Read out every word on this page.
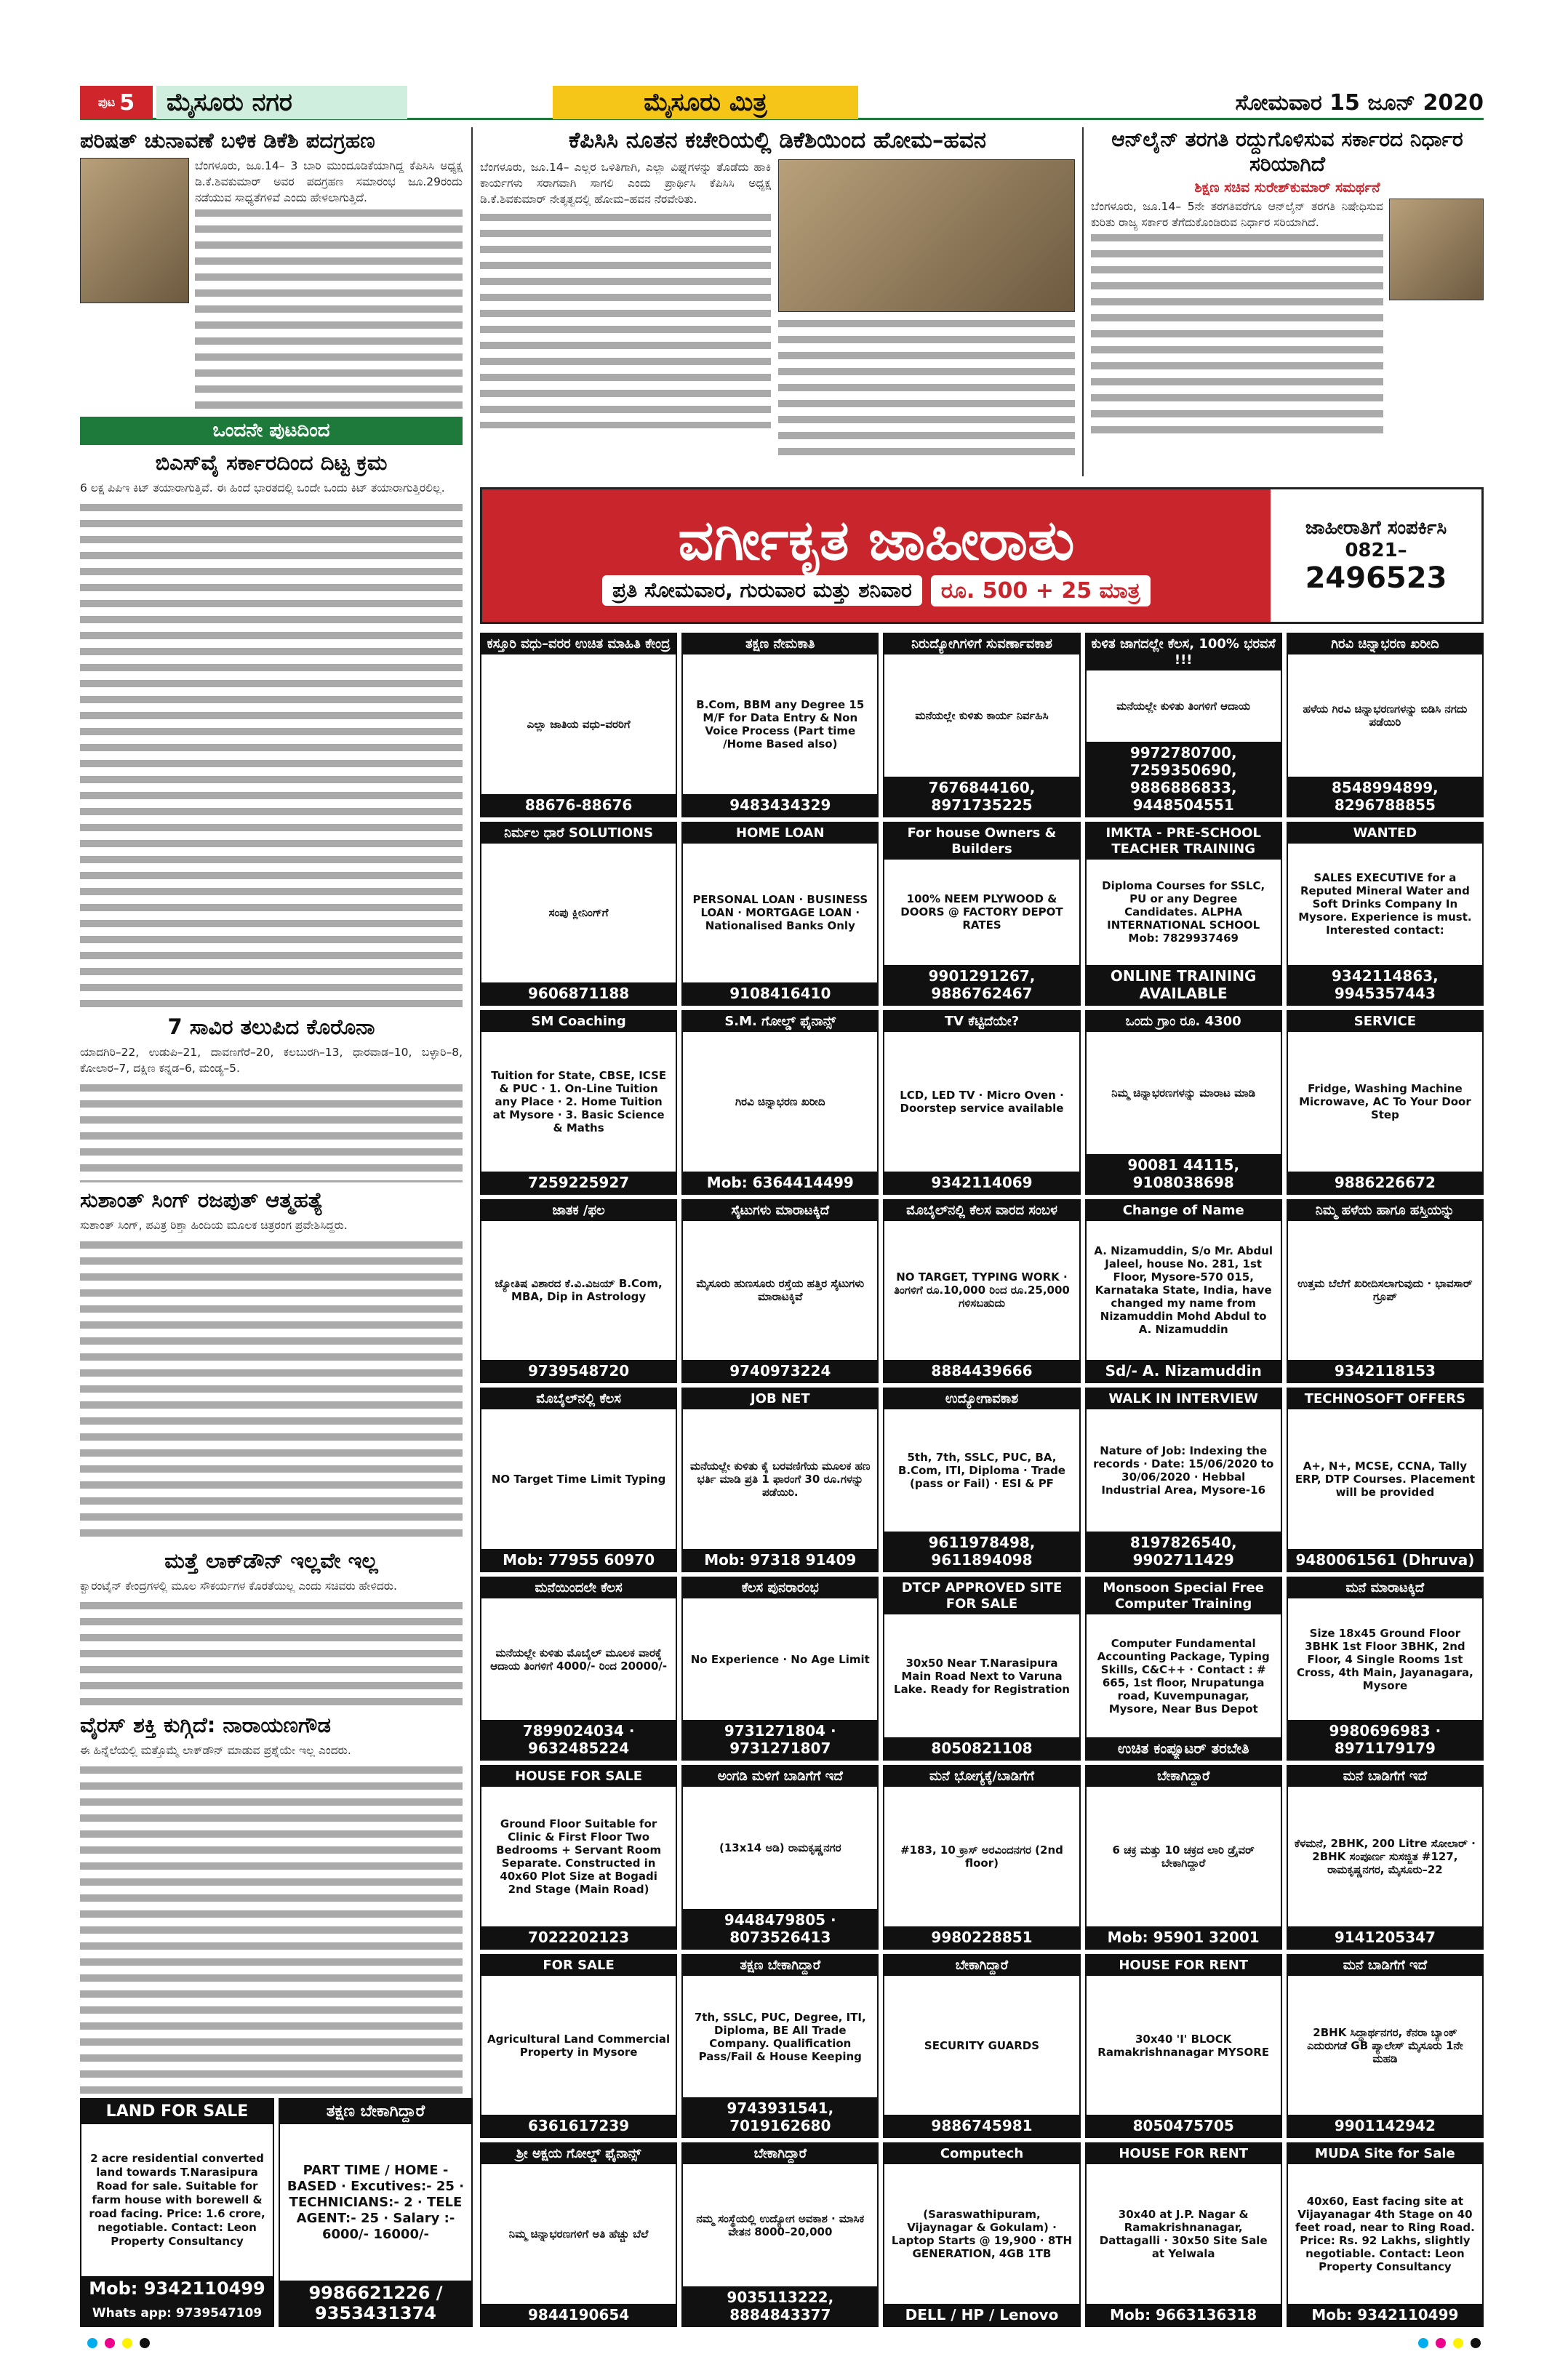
ಪುಟ 5	ಮೈಸೂರು ನಗರ	ಮೈಸೂರು ಮಿತ್ರ	ಸೋಮವಾರ 15 ಜೂನ್ 2020
ಪರಿಷತ್ ಚುನಾವಣೆ ಬಳಿಕ ಡಿಕೆಶಿ ಪದಗ್ರಹಣ
ಬೆಂಗಳೂರು, ಜೂ.14– 3 ಬಾರಿ ಮುಂದೂಡಿಕೆಯಾಗಿದ್ದ ಕೆಪಿಸಿಸಿ ಅಧ್ಯಕ್ಷ ಡಿ.ಕೆ.ಶಿವಕುಮಾರ್ ಅವರ ಪದಗ್ರಹಣ ಸಮಾರಂಭ ಜೂ.29ರಂದು ನಡೆಯುವ ಸಾಧ್ಯತೆಗಳಿವೆ ಎಂದು ಹೇಳಲಾಗುತ್ತಿದೆ.
ಒಂದನೇ ಪುಟದಿಂದ
ಬಿಎಸ್‌ವೈ ಸರ್ಕಾರದಿಂದ ದಿಟ್ಟ ಕ್ರಮ
6 ಲಕ್ಷ ಪಿಪಿಇ ಕಿಟ್ ತಯಾರಾಗುತ್ತಿವೆ. ಈ ಹಿಂದೆ ಭಾರತದಲ್ಲಿ ಒಂದೇ ಒಂದು ಕಿಟ್ ತಯಾರಾಗುತ್ತಿರಲಿಲ್ಲ.
7 ಸಾವಿರ ತಲುಪಿದ ಕೊರೊನಾ
ಯಾದಗಿರಿ–22, ಉಡುಪಿ–21, ದಾವಣಗೆರೆ–20, ಕಲಬುರಗಿ–13, ಧಾರವಾಡ–10, ಬಳ್ಳಾರಿ–8, ಕೋಲಾರ–7, ದಕ್ಷಿಣ ಕನ್ನಡ–6, ಮಂಡ್ಯ–5.
ಸುಶಾಂತ್ ಸಿಂಗ್ ರಜಪುತ್ ಆತ್ಮಹತ್ಯೆ
ಸುಶಾಂತ್ ಸಿಂಗ್, ಪವಿತ್ರ ರಿಶ್ತಾ ಹಿಂದಿಯ ಮೂಲಕ ಚಿತ್ರರಂಗ ಪ್ರವೇಶಿಸಿದ್ದರು.
ಮತ್ತೆ ಲಾಕ್‌ಡೌನ್ ಇಲ್ಲವೇ ಇಲ್ಲ
ಕ್ವಾರಂಟೈನ್ ಕೇಂದ್ರಗಳಲ್ಲಿ ಮೂಲ ಸೌಕರ್ಯಗಳ ಕೊರತೆಯಿಲ್ಲ ಎಂದು ಸಚಿವರು ಹೇಳಿದರು.
ವೈರಸ್ ಶಕ್ತಿ ಕುಗ್ಗಿದೆ: ನಾರಾಯಣಗೌಡ
ಈ ಹಿನ್ನೆಲೆಯಲ್ಲಿ ಮತ್ತೊಮ್ಮೆ ಲಾಕ್‌ಡೌನ್ ಮಾಡುವ ಪ್ರಶ್ನೆಯೇ ಇಲ್ಲ ಎಂದರು.
ಕೆಪಿಸಿಸಿ ನೂತನ ಕಚೇರಿಯಲ್ಲಿ ಡಿಕೆಶಿಯಿಂದ ಹೋಮ–ಹವನ
ಬೆಂಗಳೂರು, ಜೂ.14– ಎಲ್ಲರ ಒಳಿತಿಗಾಗಿ, ಎಲ್ಲಾ ವಿಘ್ನಗಳನ್ನು ತೊಡೆದು ಹಾಕಿ ಕಾರ್ಯಗಳು ಸರಾಗವಾಗಿ ಸಾಗಲಿ ಎಂದು ಪ್ರಾರ್ಥಿಸಿ ಕೆಪಿಸಿಸಿ ಅಧ್ಯಕ್ಷ ಡಿ.ಕೆ.ಶಿವಕುಮಾರ್ ನೇತೃತ್ವದಲ್ಲಿ ಹೋಮ–ಹವನ ನೆರವೇರಿತು.
ಆನ್‌ಲೈನ್ ತರಗತಿ ರದ್ದುಗೊಳಿಸುವ ಸರ್ಕಾರದ ನಿರ್ಧಾರ ಸರಿಯಾಗಿದೆ
ಶಿಕ್ಷಣ ಸಚಿವ ಸುರೇಶ್‌ಕುಮಾರ್ ಸಮರ್ಥನೆ
ಬೆಂಗಳೂರು, ಜೂ.14– 5ನೇ ತರಗತಿವರೆಗೂ ಆನ್‌ಲೈನ್ ತರಗತಿ ನಿಷೇಧಿಸುವ ಕುರಿತು ರಾಜ್ಯ ಸರ್ಕಾರ ತೆಗೆದುಕೊಂಡಿರುವ ನಿರ್ಧಾರ ಸರಿಯಾಗಿದೆ.
ವರ್ಗೀಕೃತ ಜಾಹೀರಾತು
ಪ್ರತಿ ಸೋಮವಾರ, ಗುರುವಾರ ಮತ್ತು ಶನಿವಾರ	ರೂ. 500 + 25 ಮಾತ್ರ
ಜಾಹೀರಾತಿಗೆ ಸಂಪರ್ಕಿಸಿ
0821–
2496523
ಕಸ್ತೂರಿ ವಧು–ವರರ ಉಚಿತ ಮಾಹಿತಿ ಕೇಂದ್ರ
ಎಲ್ಲಾ ಜಾತಿಯ ವಧು–ವರರಿಗೆ
88676-88676
ತಕ್ಷಣ ನೇಮಕಾತಿ
B.Com, BBM any Degree 15 M/F for Data Entry & Non Voice Process (Part time /Home Based also)
9483434329
ನಿರುದ್ಯೋಗಿಗಳಿಗೆ ಸುವರ್ಣಾವಕಾಶ
ಮನೆಯಲ್ಲೇ ಕುಳಿತು ಕಾರ್ಯ ನಿರ್ವಹಿಸಿ
7676844160, 8971735225
ಕುಳಿತ ಜಾಗದಲ್ಲೇ ಕೆಲಸ, 100% ಭರವಸೆ !!!
ಮನೆಯಲ್ಲೇ ಕುಳಿತು ತಿಂಗಳಿಗೆ ಆದಾಯ
9972780700, 7259350690, 9886886833, 9448504551
ಗಿರವಿ ಚಿನ್ನಾಭರಣ ಖರೀದಿ
ಹಳೆಯ ಗಿರವಿ ಚಿನ್ನಾಭರಣಗಳನ್ನು ಬಿಡಿಸಿ ನಗದು ಪಡೆಯಿರಿ
8548994899, 8296788855
ನಿರ್ಮಲ ಧಾರೆ SOLUTIONS
ಸಂಪು ಕ್ಲೀನಿಂಗ್‌ಗೆ
9606871188
HOME LOAN
PERSONAL LOAN · BUSINESS LOAN · MORTGAGE LOAN · Nationalised Banks Only
9108416410
For house Owners & Builders
100% NEEM PLYWOOD & DOORS @ FACTORY DEPOT RATES
9901291267, 9886762467
IMKTA - PRE-SCHOOL TEACHER TRAINING
Diploma Courses for SSLC, PU or any Degree Candidates. ALPHA INTERNATIONAL SCHOOL Mob: 7829937469
ONLINE TRAINING AVAILABLE
WANTED
SALES EXECUTIVE for a Reputed Mineral Water and Soft Drinks Company In Mysore. Experience is must. Interested contact:
9342114863, 9945357443
SM Coaching
Tuition for State, CBSE, ICSE & PUC · 1. On-Line Tuition any Place · 2. Home Tuition at Mysore · 3. Basic Science & Maths
7259225927
S.M. ಗೋಲ್ಡ್ ಫೈನಾನ್ಸ್
ಗಿರವಿ ಚಿನ್ನಾಭರಣ ಖರೀದಿ
Mob: 6364414499
TV ಕೆಟ್ಟಿದೆಯೇ?
LCD, LED TV · Micro Oven · Doorstep service available
9342114069
ಒಂದು ಗ್ರಾಂ ರೂ. 4300
ನಿಮ್ಮ ಚಿನ್ನಾಭರಣಗಳನ್ನು ಮಾರಾಟ ಮಾಡಿ
90081 44115, 9108038698
SERVICE
Fridge, Washing Machine Microwave, AC To Your Door Step
9886226672
ಜಾತಕ /ಫಲ
ಜ್ಯೋತಿಷ ವಿಶಾರದ ಕೆ.ವಿ.ವಿಜಯ್ B.Com, MBA, Dip in Astrology
9739548720
ಸೈಟುಗಳು ಮಾರಾಟಕ್ಕಿದೆ
ಮೈಸೂರು ಹುಣಸೂರು ರಸ್ತೆಯ ಹತ್ತಿರ ಸೈಟುಗಳು ಮಾರಾಟಕ್ಕಿವೆ
9740973224
ಮೊಬೈಲ್‌ನಲ್ಲಿ ಕೆಲಸ ವಾರದ ಸಂಬಳ
NO TARGET, TYPING WORK · ತಿಂಗಳಿಗೆ ರೂ.10,000 ರಿಂದ ರೂ.25,000 ಗಳಿಸಬಹುದು
8884439666
Change of Name
A. Nizamuddin, S/o Mr. Abdul Jaleel, house No. 281, 1st Floor, Mysore-570 015, Karnataka State, India, have changed my name from Nizamuddin Mohd Abdul to A. Nizamuddin
Sd/- A. Nizamuddin
ನಿಮ್ಮ ಹಳೆಯ ಹಾಗೂ ಹಸ್ತಿಯನ್ನು
ಉತ್ತಮ ಬೆಲೆಗೆ ಖರೀದಿಸಲಾಗುವುದು · ಭಾವಸಾರ್ ಗ್ರೂಪ್
9342118153
ಮೊಬೈಲ್‌ನಲ್ಲಿ ಕೆಲಸ
NO Target Time Limit Typing
Mob: 77955 60970
JOB NET
ಮನೆಯಲ್ಲೇ ಕುಳಿತು ಕೈ ಬರವಣಿಗೆಯ ಮೂಲಕ ಹಣ ಭರ್ತಿ ಮಾಡಿ ಪ್ರತಿ 1 ಫಾರಂಗೆ 30 ರೂ.ಗಳನ್ನು ಪಡೆಯಿರಿ.
Mob: 97318 91409
ಉದ್ಯೋಗಾವಕಾಶ
5th, 7th, SSLC, PUC, BA, B.Com, ITI, Diploma · Trade (pass or Fail) · ESI & PF
9611978498, 9611894098
WALK IN INTERVIEW
Nature of Job: Indexing the records · Date: 15/06/2020 to 30/06/2020 · Hebbal Industrial Area, Mysore-16
8197826540, 9902711429
TECHNOSOFT OFFERS
A+, N+, MCSE, CCNA, Tally ERP, DTP Courses. Placement will be provided
9480061561 (Dhruva)
ಮನೆಯಿಂದಲೇ ಕೆಲಸ
ಮನೆಯಲ್ಲೇ ಕುಳಿತು ಮೊಬೈಲ್ ಮೂಲಕ ವಾರಕ್ಕೆ ಆದಾಯ ತಿಂಗಳಿಗೆ 4000/- ರಿಂದ 20000/-
7899024034 · 9632485224
ಕೆಲಸ ಪುನರಾರಂಭ
No Experience · No Age Limit
9731271804 · 9731271807
DTCP APPROVED SITE FOR SALE
30x50 Near T.Narasipura Main Road Next to Varuna Lake. Ready for Registration
8050821108
Monsoon Special Free Computer Training
Computer Fundamental Accounting Package, Typing Skills, C&C++ · Contact : # 665, 1st floor, Nrupatunga road, Kuvempunagar, Mysore, Near Bus Depot
ಉಚಿತ ಕಂಪ್ಯೂಟರ್ ತರಬೇತಿ
ಮನೆ ಮಾರಾಟಕ್ಕಿದೆ
Size 18x45 Ground Floor 3BHK 1st Floor 3BHK, 2nd Floor, 4 Single Rooms 1st Cross, 4th Main, Jayanagara, Mysore
9980696983 · 8971179179
HOUSE FOR SALE
Ground Floor Suitable for Clinic & First Floor Two Bedrooms + Servant Room Separate. Constructed in 40x60 Plot Size at Bogadi 2nd Stage (Main Road)
7022202123
ಅಂಗಡಿ ಮಳಿಗೆ ಬಾಡಿಗೆಗೆ ಇದೆ
(13x14 ಅಡಿ) ರಾಮಕೃಷ್ಣನಗರ
9448479805 · 8073526413
ಮನೆ ಭೋಗ್ಯಕ್ಕೆ/ಬಾಡಿಗೆಗೆ
#183, 10 ಕ್ರಾಸ್ ಅರವಿಂದನಗರ (2nd floor)
9980228851
ಬೇಕಾಗಿದ್ದಾರೆ
6 ಚಕ್ರ ಮತ್ತು 10 ಚಕ್ರದ ಲಾರಿ ಡ್ರೈವರ್ ಬೇಕಾಗಿದ್ದಾರೆ
Mob: 95901 32001
ಮನೆ ಬಾಡಿಗೆಗೆ ಇದೆ
ಕೆಳಮನೆ, 2BHK, 200 Litre ಸೋಲಾರ್ · 2BHK ಸಂಪೂರ್ಣ ಸುಸಜ್ಜಿತ #127, ರಾಮಕೃಷ್ಣನಗರ, ಮೈಸೂರು–22
9141205347
FOR SALE
Agricultural Land Commercial Property in Mysore
6361617239
ತಕ್ಷಣ ಬೇಕಾಗಿದ್ದಾರೆ
7th, SSLC, PUC, Degree, ITI, Diploma, BE All Trade Company. Qualification Pass/Fail & House Keeping
9743931541, 7019162680
ಬೇಕಾಗಿದ್ದಾರೆ
SECURITY GUARDS
9886745981
HOUSE FOR RENT
30x40 'I' BLOCK Ramakrishnanagar MYSORE
8050475705
ಮನೆ ಬಾಡಿಗೆಗೆ ಇದೆ
2BHK ಸಿದ್ಧಾರ್ಥನಗರ, ಕೆನರಾ ಬ್ಯಾಂಕ್ ಎದುರುಗಡೆ GB ಪ್ಯಾಲೇಸ್ ಮೈಸೂರು 1ನೇ ಮಹಡಿ
9901142942
ಶ್ರೀ ಅಕ್ಷಯ ಗೋಲ್ಡ್ ಫೈನಾನ್ಸ್
ನಿಮ್ಮ ಚಿನ್ನಾಭರಣಗಳಿಗೆ ಅತಿ ಹೆಚ್ಚು ಬೆಲೆ
9844190654
ಬೇಕಾಗಿದ್ದಾರೆ
ನಮ್ಮ ಸಂಸ್ಥೆಯಲ್ಲಿ ಉದ್ಯೋಗ ಅವಕಾಶ · ಮಾಸಿಕ ವೇತನ 8000–20,000
9035113222, 8884843377
Computech
(Saraswathipuram, Vijaynagar & Gokulam) · Laptop Starts @ 19,900 · 8TH GENERATION, 4GB 1TB
DELL / HP / Lenovo
HOUSE FOR RENT
30x40 at J.P. Nagar & Ramakrishnanagar, Dattagalli · 30x50 Site Sale at Yelwala
Mob: 9663136318
MUDA Site for Sale
40x60, East facing site at Vijayanagar 4th Stage on 40 feet road, near to Ring Road. Price: Rs. 92 Lakhs, slightly negotiable. Contact: Leon Property Consultancy
Mob: 9342110499
LAND FOR SALE
2 acre residential converted land towards T.Narasipura Road for sale. Suitable for farm house with borewell & road facing. Price: 1.6 crore, negotiable. Contact: Leon Property Consultancy
Mob: 9342110499
Whats app: 9739547109
ತಕ್ಷಣ ಬೇಕಾಗಿದ್ದಾರೆ
PART TIME / HOME -BASED · Excutives:- 25 · TECHNICIANS:- 2 · TELE AGENT:- 25 · Salary :- 6000/- 16000/-
9986621226 / 9353431374
